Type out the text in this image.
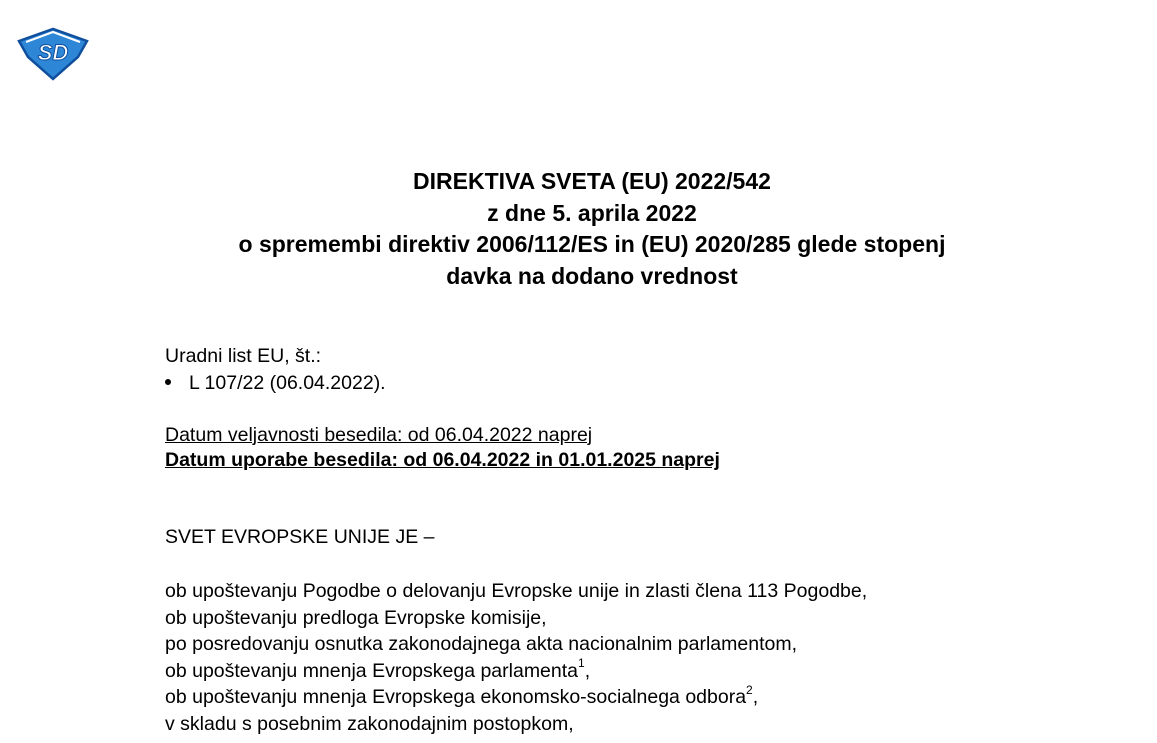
SD
DIREKTIVA SVETA (EU) 2022/542
z dne 5. aprila 2022
o spremembi direktiv 2006/112/ES in (EU) 2020/285 glede stopenj
davka na dodano vrednost
Uradni list EU, št.:
L 107/22 (06.04.2022).
Datum veljavnosti besedila: od 06.04.2022 naprej
Datum uporabe besedila: od 06.04.2022 in 01.01.2025 naprej
SVET EVROPSKE UNIJE JE –
ob upoštevanju Pogodbe o delovanju Evropske unije in zlasti člena 113 Pogodbe,
ob upoštevanju predloga Evropske komisije,
po posredovanju osnutka zakonodajnega akta nacionalnim parlamentom,
ob upoštevanju mnenja Evropskega parlamenta$^1$,
ob upoštevanju mnenja Evropskega ekonomsko-socialnega odbora$^2$,
v skladu s posebnim zakonodajnim postopkom,
